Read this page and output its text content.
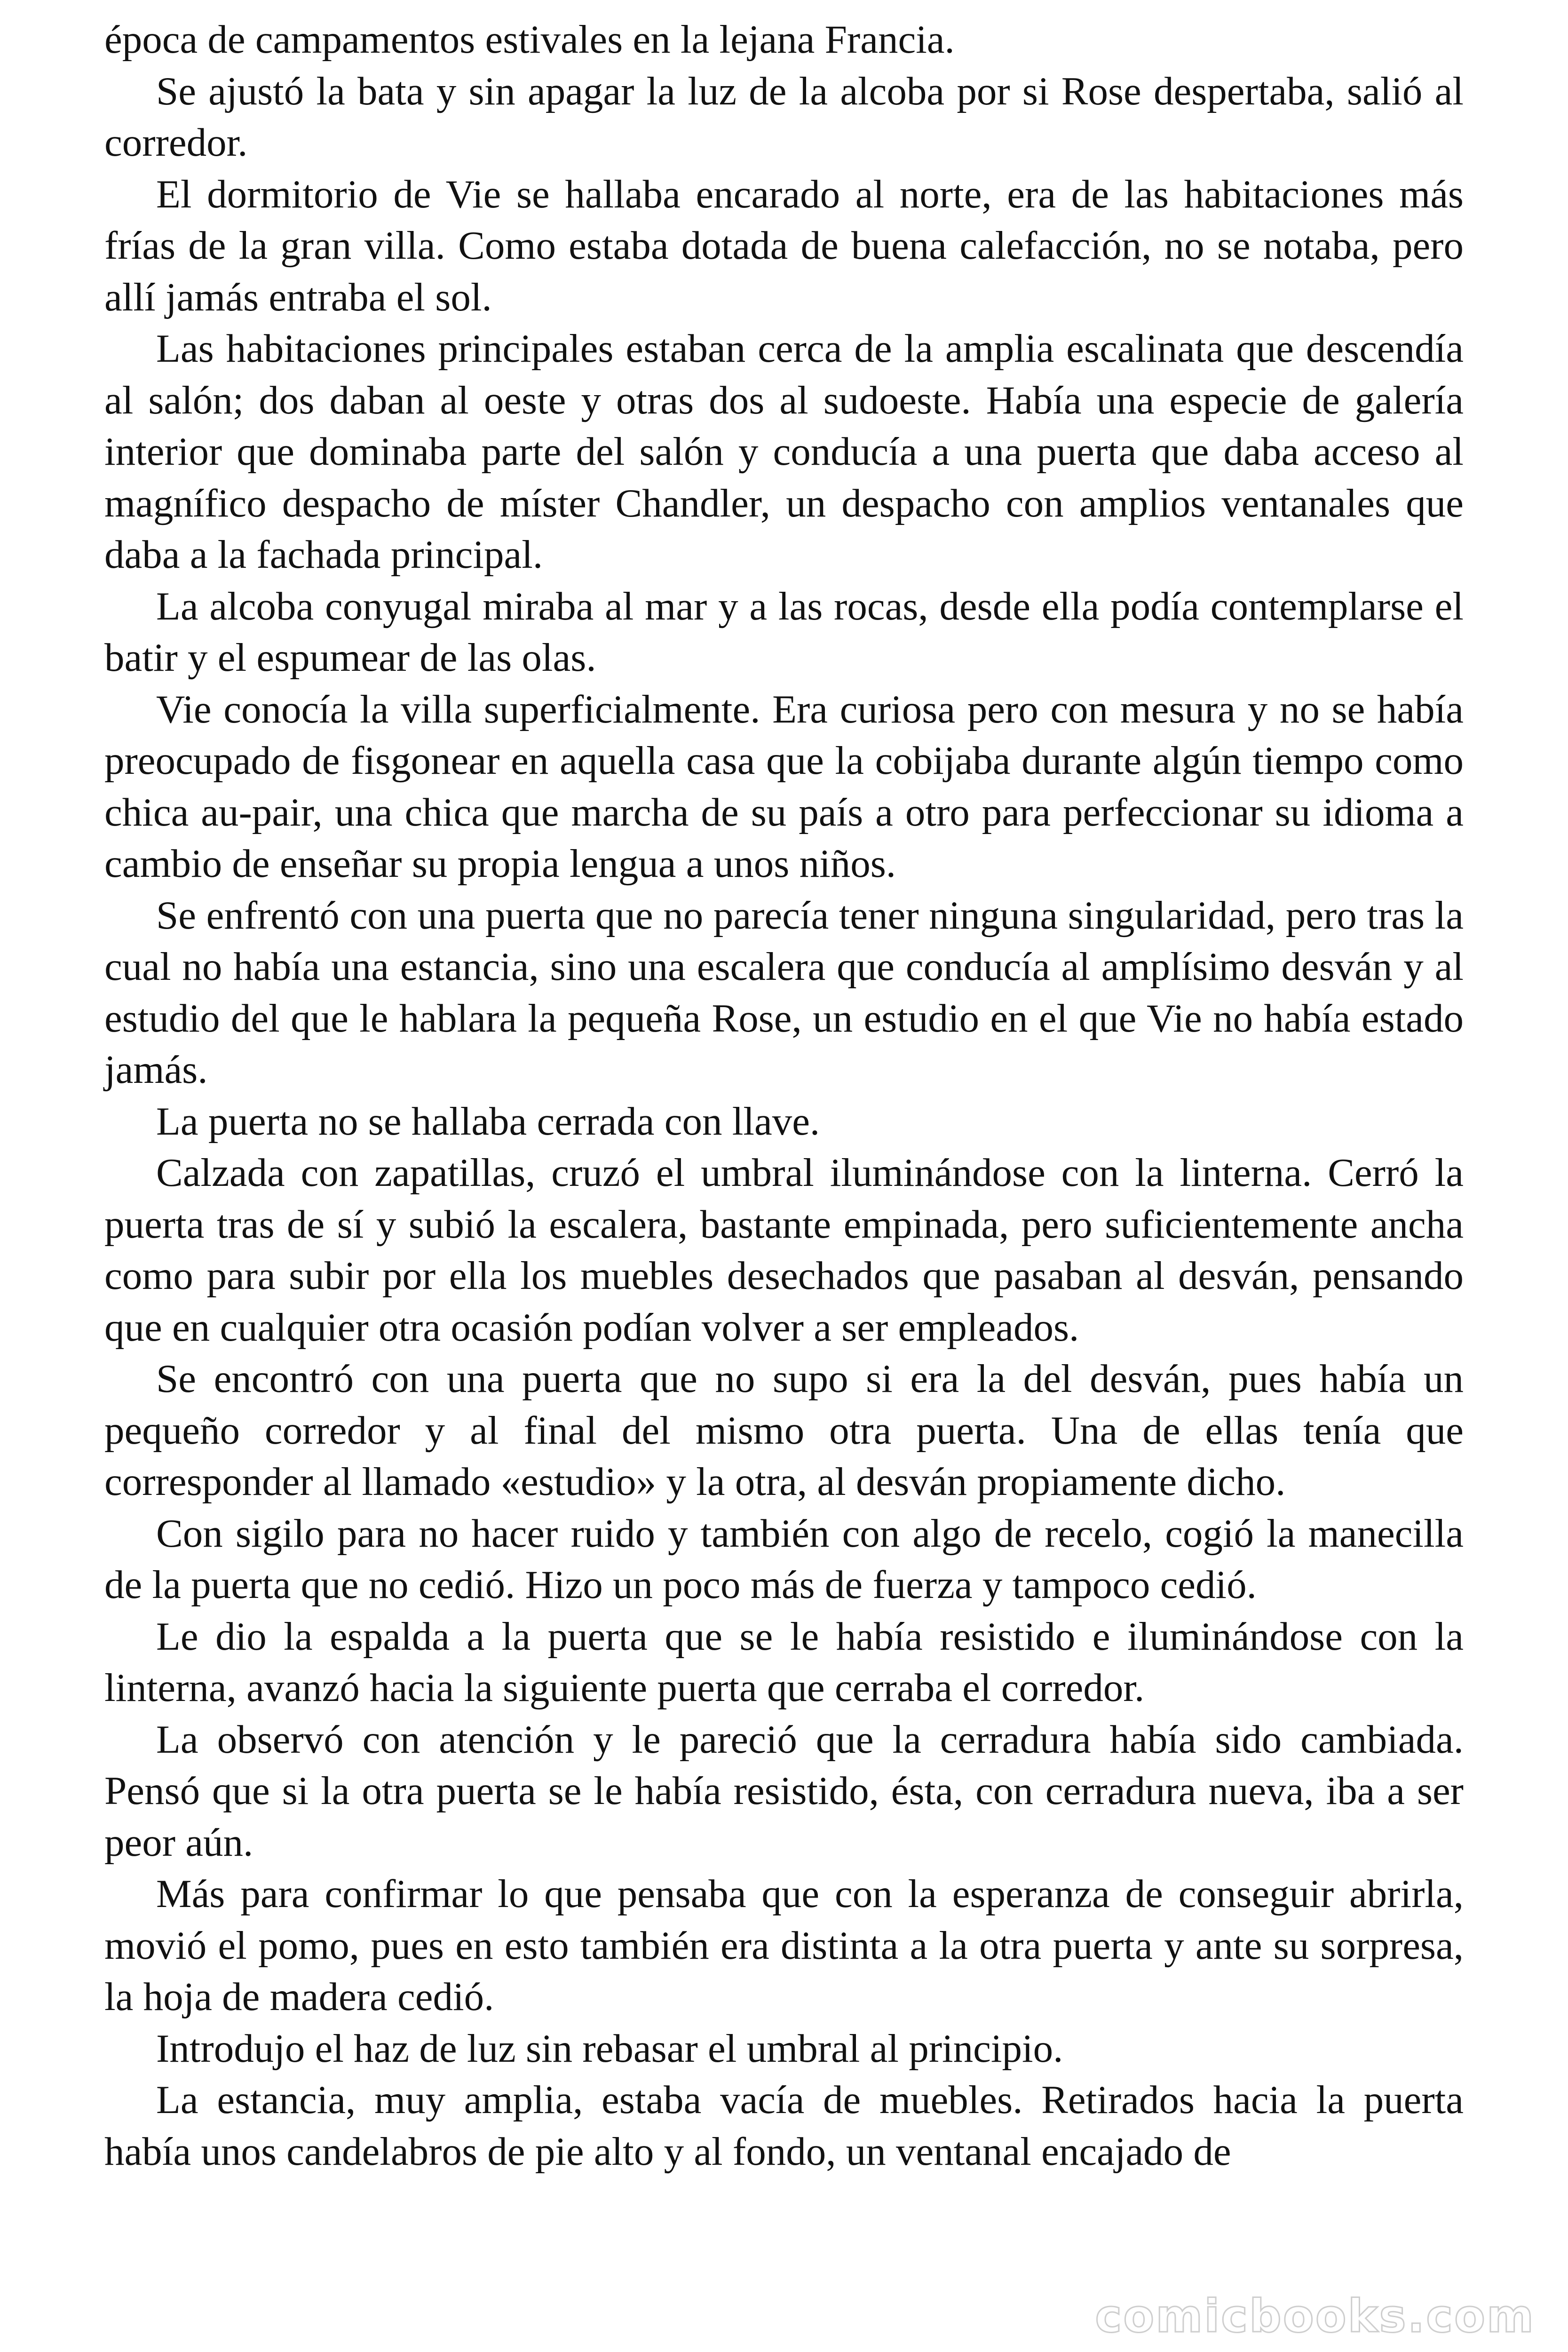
época de campamentos estivales en la lejana Francia.

Se ajustó la bata y sin apagar la luz de la alcoba por si Rose despertaba, salió al corredor.

El dormitorio de Vie se hallaba encarado al norte, era de las habitaciones más frías de la gran villa. Como estaba dotada de buena calefacción, no se notaba, pero allí jamás entraba el sol.

Las habitaciones principales estaban cerca de la amplia escalinata que descendía al salón; dos daban al oeste y otras dos al sudoeste. Había una especie de galería interior que dominaba parte del salón y conducía a una puerta que daba acceso al magnífico despacho de míster Chandler, un despacho con amplios ventanales que daba a la fachada principal.

La alcoba conyugal miraba al mar y a las rocas, desde ella podía contemplarse el batir y el espumear de las olas.

Vie conocía la villa superficialmente. Era curiosa pero con mesura y no se había preocupado de fisgonear en aquella casa que la cobijaba durante algún tiempo como chica au-pair, una chica que marcha de su país a otro para perfeccionar su idioma a cambio de enseñar su propia lengua a unos niños.

Se enfrentó con una puerta que no parecía tener ninguna singularidad, pero tras la cual no había una estancia, sino una escalera que conducía al amplísimo desván y al estudio del que le hablara la pequeña Rose, un estudio en el que Vie no había estado jamás.

La puerta no se hallaba cerrada con llave.

Calzada con zapatillas, cruzó el umbral iluminándose con la linterna. Cerró la puerta tras de sí y subió la escalera, bastante empinada, pero suficientemente ancha como para subir por ella los muebles desechados que pasaban al desván, pensando que en cualquier otra ocasión podían volver a ser empleados.

Se encontró con una puerta que no supo si era la del desván, pues había un pequeño corredor y al final del mismo otra puerta. Una de ellas tenía que corresponder al llamado «estudio» y la otra, al desván propiamente dicho.

Con sigilo para no hacer ruido y también con algo de recelo, cogió la manecilla de la puerta que no cedió. Hizo un poco más de fuerza y tampoco cedió.

Le dio la espalda a la puerta que se le había resistido e iluminándose con la linterna, avanzó hacia la siguiente puerta que cerraba el corredor.

La observó con atención y le pareció que la cerradura había sido cambiada. Pensó que si la otra puerta se le había resistido, ésta, con cerradura nueva, iba a ser peor aún.

Más para confirmar lo que pensaba que con la esperanza de conseguir abrirla, movió el pomo, pues en esto también era distinta a la otra puerta y ante su sorpresa, la hoja de madera cedió.

Introdujo el haz de luz sin rebasar el umbral al principio.

La estancia, muy amplia, estaba vacía de muebles. Retirados hacia la puerta había unos candelabros de pie alto y al fondo, un ventanal encajado de

comicbooks.com
